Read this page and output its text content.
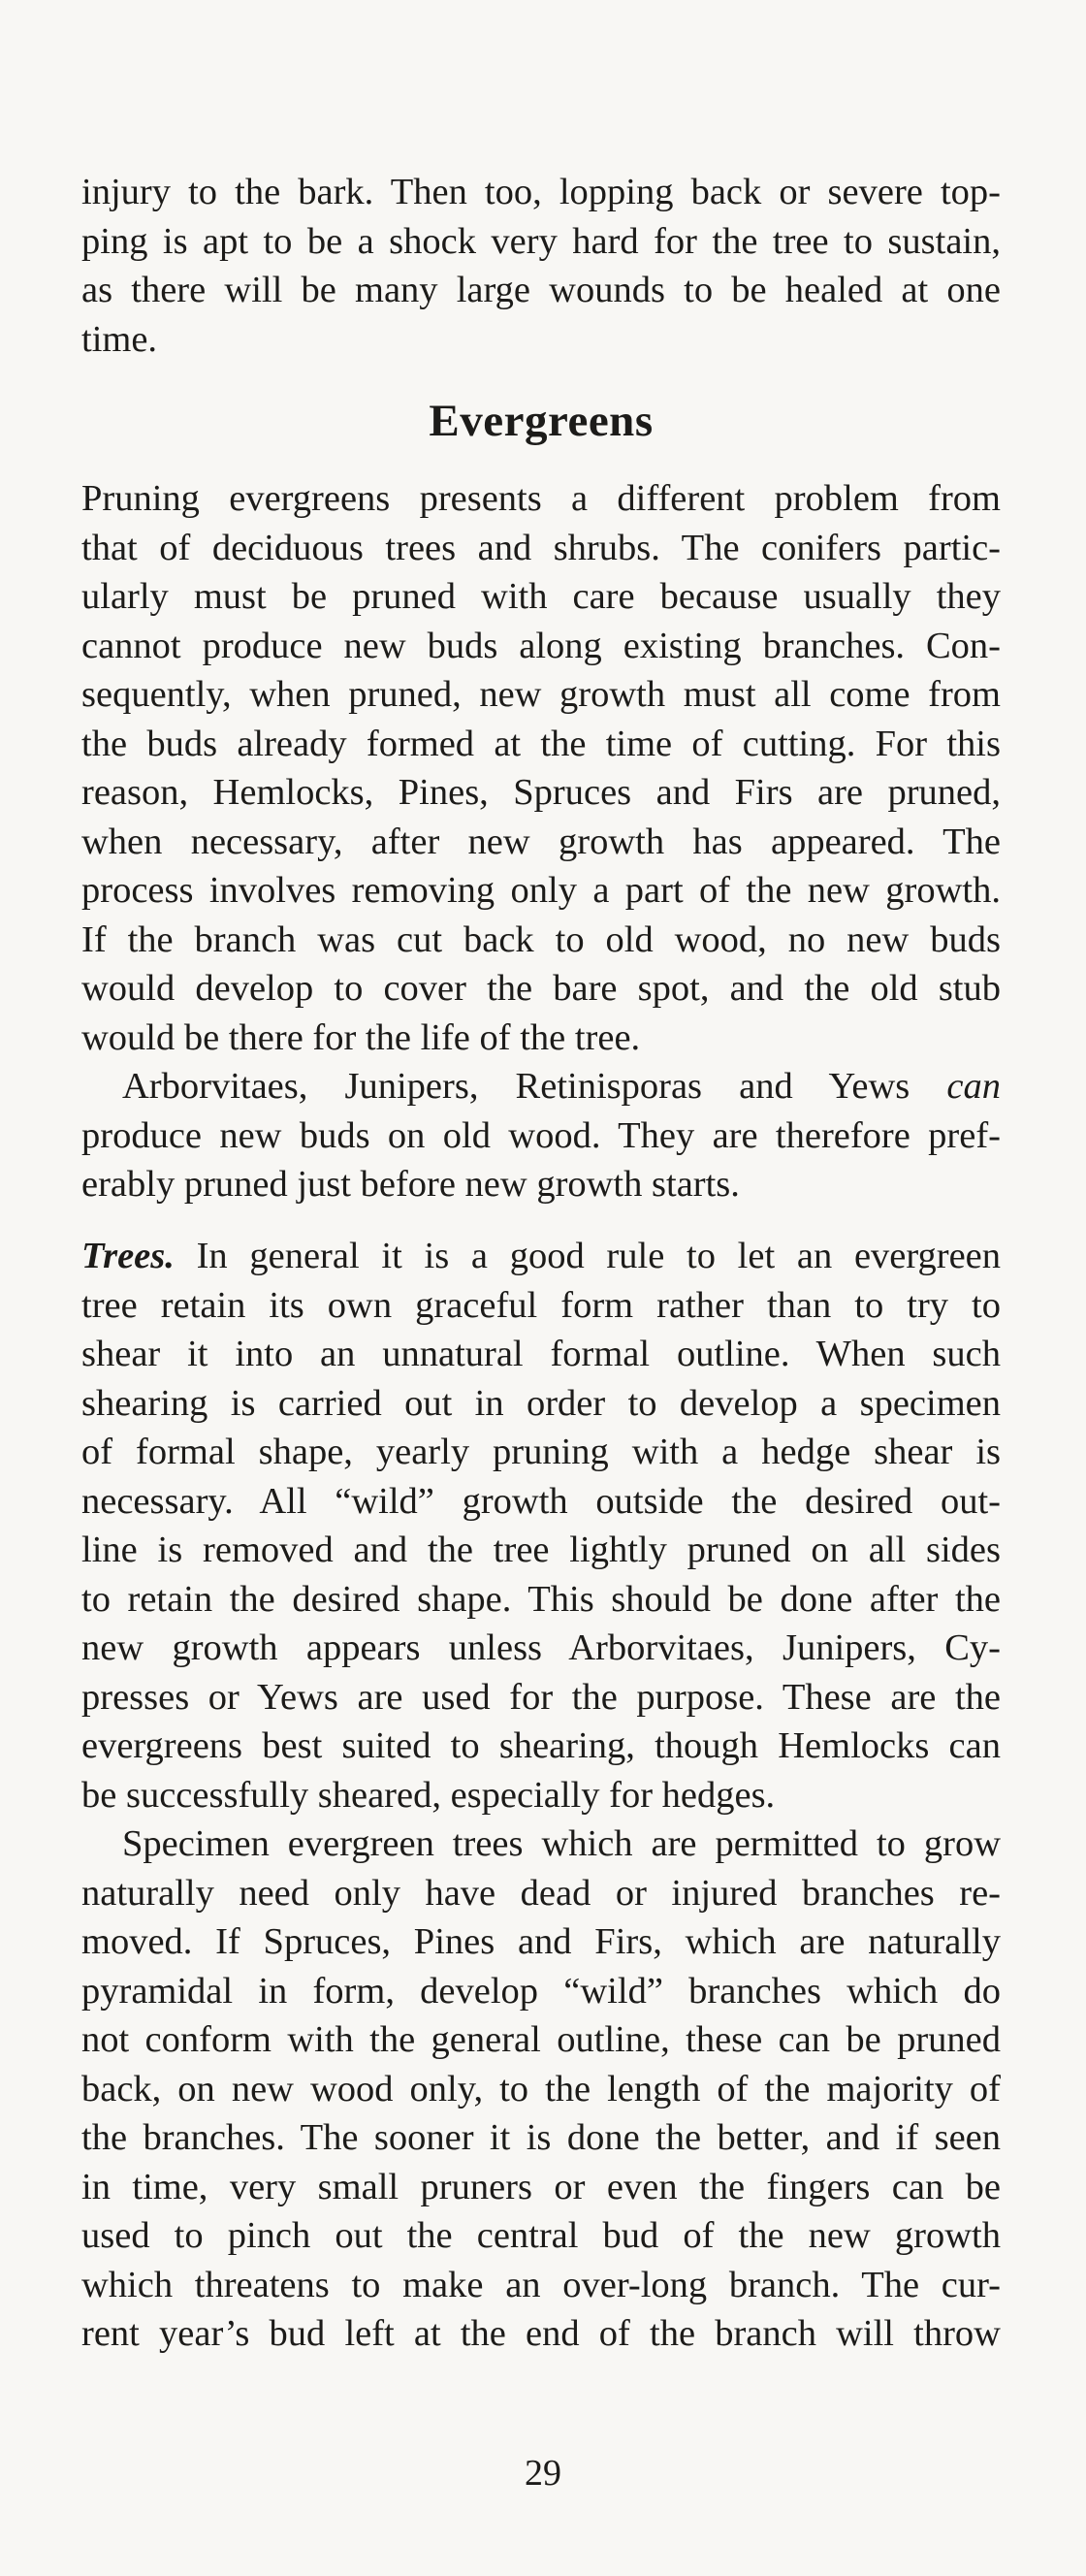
injury to the bark. Then too, lopping back or severe top-
ping is apt to be a shock very hard for the tree to sustain,
as there will be many large wounds to be healed at one
time.
Evergreens
Pruning evergreens presents a different problem from
that of deciduous trees and shrubs. The conifers partic-
ularly must be pruned with care because usually they
cannot produce new buds along existing branches. Con-
sequently, when pruned, new growth must all come from
the buds already formed at the time of cutting. For this
reason, Hemlocks, Pines, Spruces and Firs are pruned,
when necessary, after new growth has appeared. The
process involves removing only a part of the new growth.
If the branch was cut back to old wood, no new buds
would develop to cover the bare spot, and the old stub
would be there for the life of the tree.
Arborvitaes, Junipers, Retinisporas and Yews can
produce new buds on old wood. They are therefore pref-
erably pruned just before new growth starts.
Trees. In general it is a good rule to let an evergreen
tree retain its own graceful form rather than to try to
shear it into an unnatural formal outline. When such
shearing is carried out in order to develop a specimen
of formal shape, yearly pruning with a hedge shear is
necessary. All “wild” growth outside the desired out-
line is removed and the tree lightly pruned on all sides
to retain the desired shape. This should be done after the
new growth appears unless Arborvitaes, Junipers, Cy-
presses or Yews are used for the purpose. These are the
evergreens best suited to shearing, though Hemlocks can
be successfully sheared, especially for hedges.
Specimen evergreen trees which are permitted to grow
naturally need only have dead or injured branches re-
moved. If Spruces, Pines and Firs, which are naturally
pyramidal in form, develop “wild” branches which do
not conform with the general outline, these can be pruned
back, on new wood only, to the length of the majority of
the branches. The sooner it is done the better, and if seen
in time, very small pruners or even the fingers can be
used to pinch out the central bud of the new growth
which threatens to make an over-long branch. The cur-
rent year’s bud left at the end of the branch will throw
29
